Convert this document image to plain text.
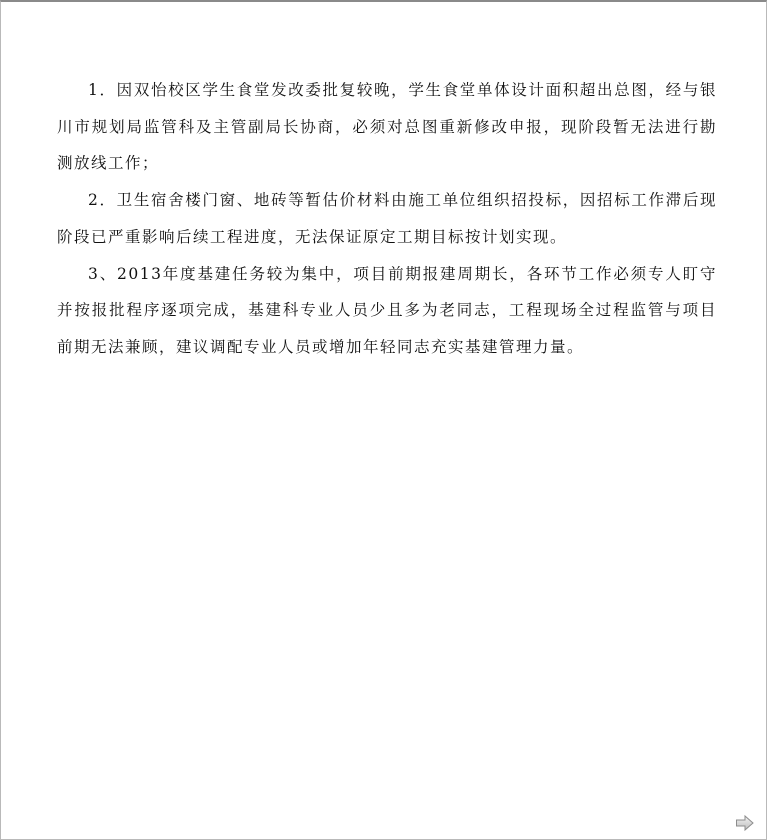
1．因双怡校区学生食堂发改委批复较晚，学生食堂单体设计面积超出总图，经与银川市规划局监管科及主管副局长协商，必须对总图重新修改申报，现阶段暂无法进行勘测放线工作；

2．卫生宿舍楼门窗、地砖等暂估价材料由施工单位组织招投标，因招标工作滞后现阶段已严重影响后续工程进度，无法保证原定工期目标按计划实现。

3、2013年度基建任务较为集中，项目前期报建周期长，各环节工作必须专人盯守并按报批程序逐项完成，基建科专业人员少且多为老同志，工程现场全过程监管与项目前期无法兼顾，建议调配专业人员或增加年轻同志充实基建管理力量。
